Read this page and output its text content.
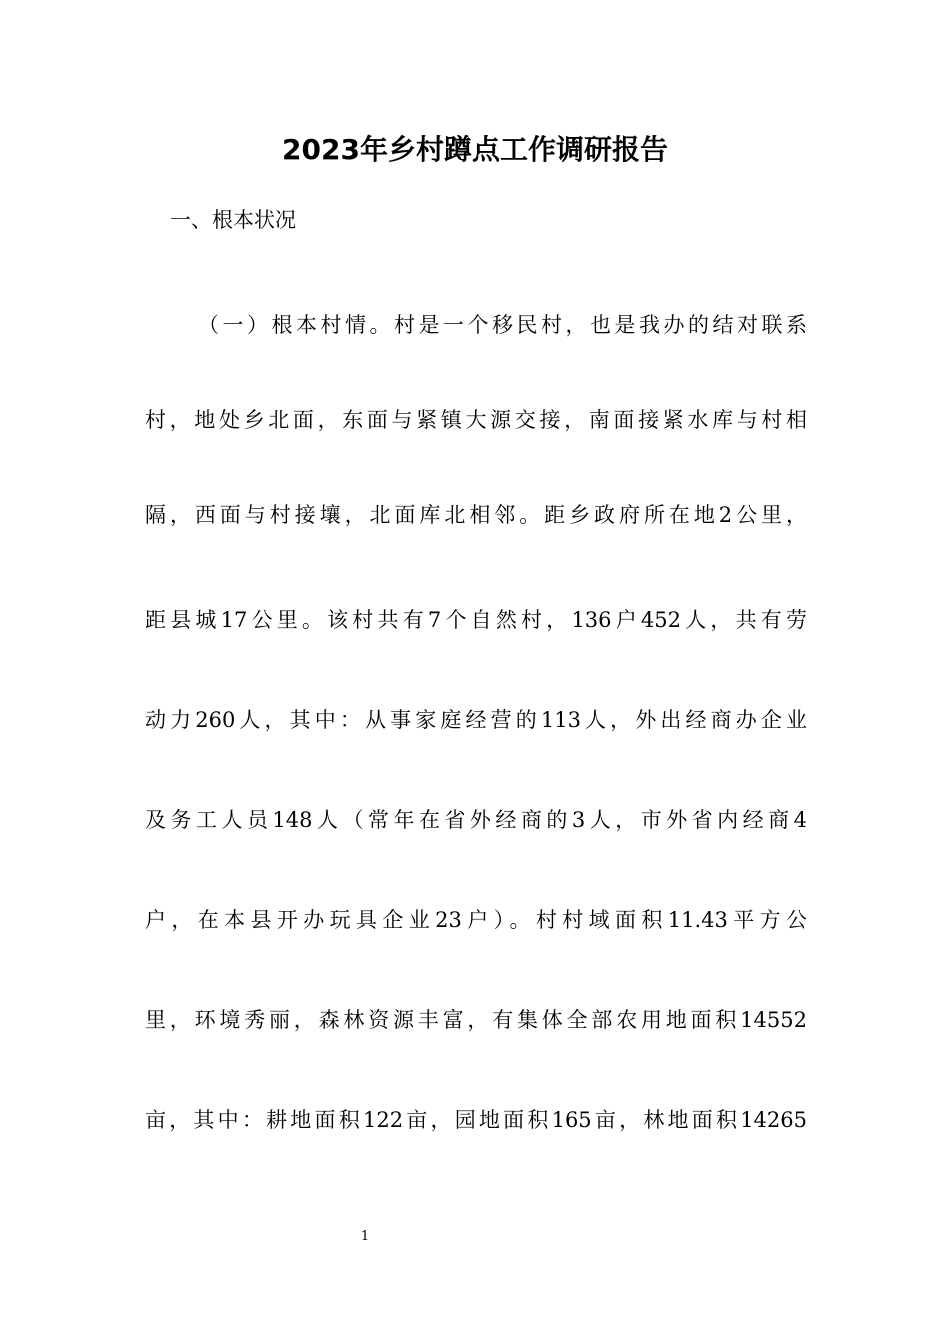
2023年乡村蹲点工作调研报告
一、根本状况
（一）根本村情。村是一个移民村，也是我办的结对联系
村，地处乡北面，东面与紧镇大源交接，南面接紧水库与村相
隔，西面与村接壤，北面库北相邻。距乡政府所在地2公里，
距县城17公里。该村共有7个自然村，136户452人，共有劳
动力260人，其中：从事家庭经营的113人，外出经商办企业
及务工人员148人（常年在省外经商的3人，市外省内经商4
户，在本县开办玩具企业23户）。村村域面积11.43平方公
里，环境秀丽，森林资源丰富，有集体全部农用地面积14552
亩，其中：耕地面积122亩，园地面积165亩，林地面积14265
1
